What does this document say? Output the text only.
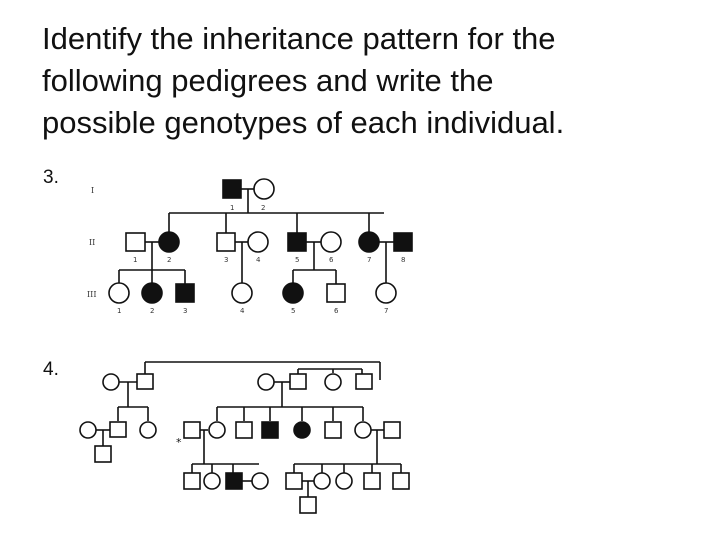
Identify the inheritance pattern for the
following pedigrees and write the
possible genotypes of each individual.
3.
4.
I
II
III
1	2
1	2	3	4	5	6	7	8
1	2	3	4	5	6	7
*
